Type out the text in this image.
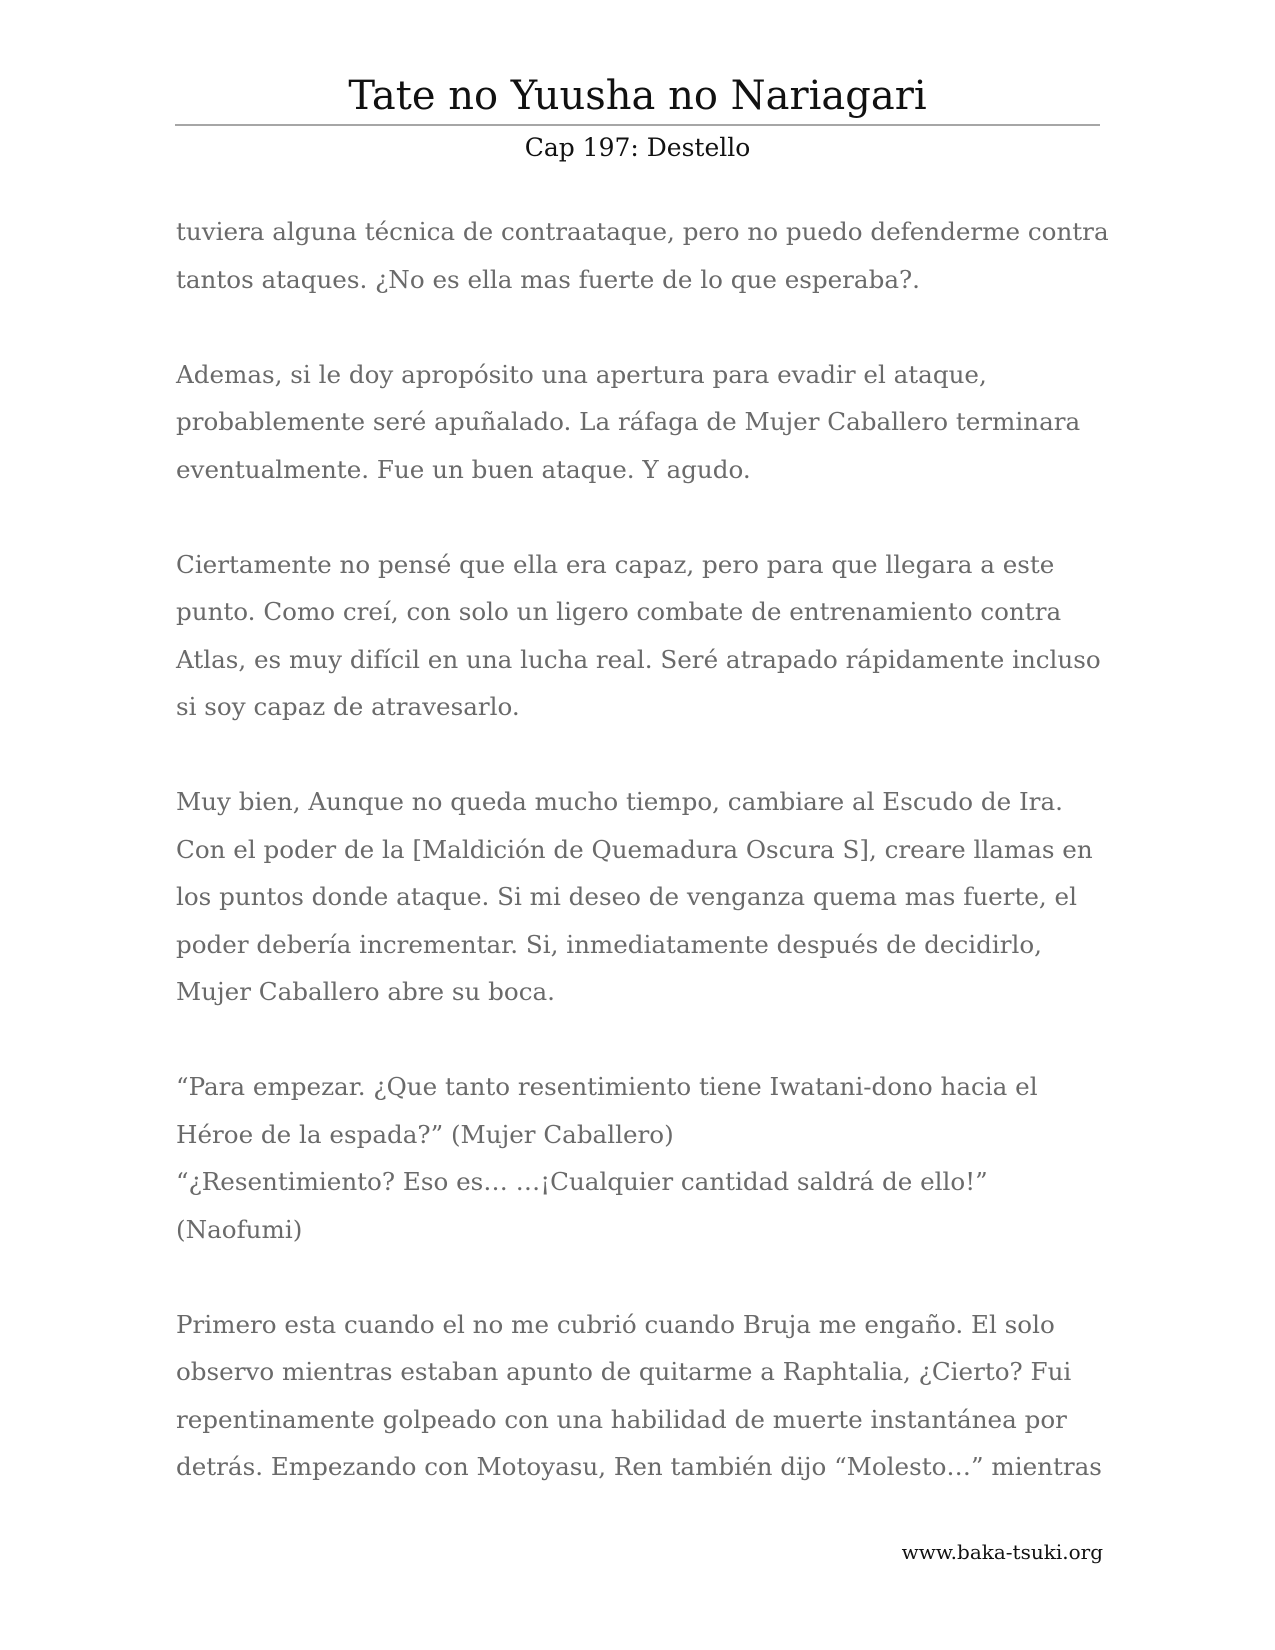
Tate no Yuusha no Nariagari
Cap 197: Destello

tuviera alguna técnica de contraataque, pero no puedo defenderme contra
tantos ataques. ¿No es ella mas fuerte de lo que esperaba?.

Ademas, si le doy apropósito una apertura para evadir el ataque,
probablemente seré apuñalado. La ráfaga de Mujer Caballero terminara
eventualmente. Fue un buen ataque. Y agudo.

Ciertamente no pensé que ella era capaz, pero para que llegara a este
punto. Como creí, con solo un ligero combate de entrenamiento contra
Atlas, es muy difícil en una lucha real. Seré atrapado rápidamente incluso
si soy capaz de atravesarlo.

Muy bien, Aunque no queda mucho tiempo, cambiare al Escudo de Ira.
Con el poder de la [Maldición de Quemadura Oscura S], creare llamas en
los puntos donde ataque. Si mi deseo de venganza quema mas fuerte, el
poder debería incrementar. Si, inmediatamente después de decidirlo,
Mujer Caballero abre su boca.

“Para empezar. ¿Que tanto resentimiento tiene Iwatani-dono hacia el
Héroe de la espada?” (Mujer Caballero)
“¿Resentimiento? Eso es… …¡Cualquier cantidad saldrá de ello!”
(Naofumi)

Primero esta cuando el no me cubrió cuando Bruja me engaño. El solo
observo mientras estaban apunto de quitarme a Raphtalia, ¿Cierto? Fui
repentinamente golpeado con una habilidad de muerte instantánea por
detrás. Empezando con Motoyasu, Ren también dijo “Molesto…” mientras

www.baka-tsuki.org
